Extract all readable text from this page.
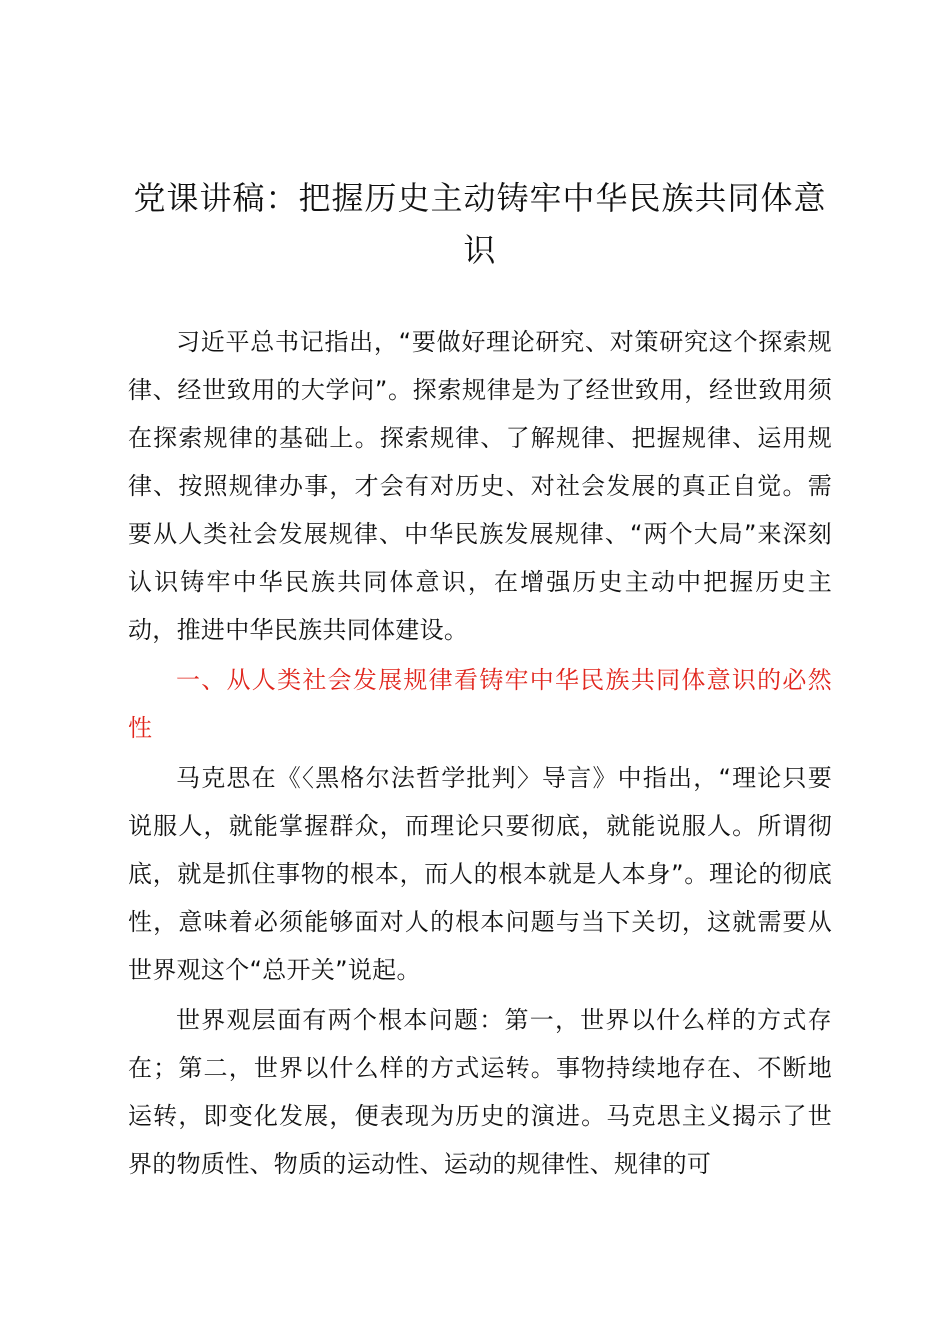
党课讲稿：把握历史主动铸牢中华民族共同体意识

习近平总书记指出，“要做好理论研究、对策研究这个探索规律、经世致用的大学问”。探索规律是为了经世致用，经世致用须在探索规律的基础上。探索规律、了解规律、把握规律、运用规律、按照规律办事，才会有对历史、对社会发展的真正自觉。需要从人类社会发展规律、中华民族发展规律、“两个大局”来深刻认识铸牢中华民族共同体意识，在增强历史主动中把握历史主动，推进中华民族共同体建设。

一、从人类社会发展规律看铸牢中华民族共同体意识的必然性

马克思在《〈黑格尔法哲学批判〉导言》中指出，“理论只要说服人，就能掌握群众，而理论只要彻底，就能说服人。所谓彻底，就是抓住事物的根本，而人的根本就是人本身”。理论的彻底性，意味着必须能够面对人的根本问题与当下关切，这就需要从世界观这个“总开关”说起。

世界观层面有两个根本问题：第一，世界以什么样的方式存在；第二，世界以什么样的方式运转。事物持续地存在、不断地运转，即变化发展，便表现为历史的演进。马克思主义揭示了世界的物质性、物质的运动性、运动的规律性、规律的可
